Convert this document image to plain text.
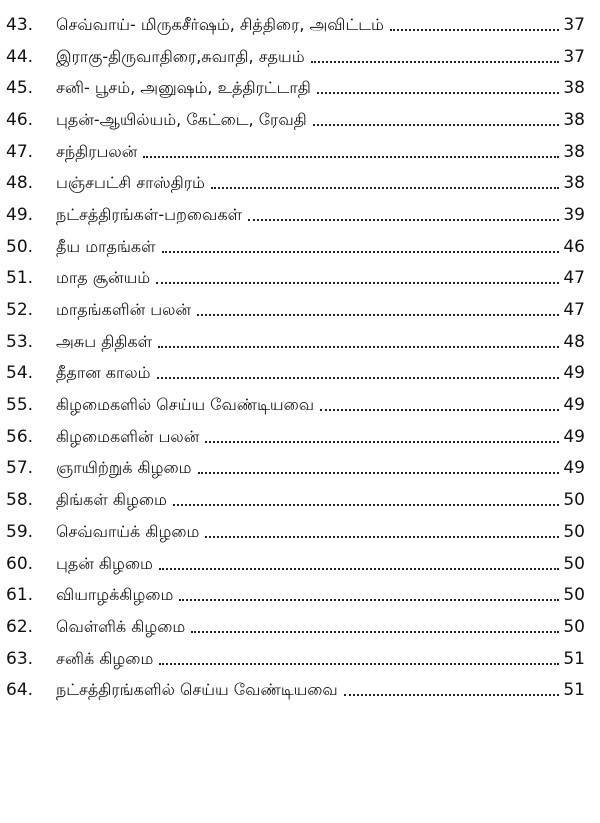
43.	செவ்வாய்- மிருகசீர்ஷம், சித்திரை, அவிட்டம்	37
44.	இராகு-திருவாதிரை,சுவாதி, சதயம்	37
45.	சனி- பூசம், அனுஷம், உத்திரட்டாதி	38
46.	புதன்-ஆயில்யம், கேட்டை, ரேவதி	38
47.	சந்திரபலன்	38
48.	பஞ்சபட்சி சாஸ்திரம்	38
49.	நட்சத்திரங்கள்-பறவைகள்	39
50.	தீய மாதங்கள்	46
51.	மாத சூன்யம்	47
52.	மாதங்களின் பலன்	47
53.	அசுப திதிகள்	48
54.	தீதான காலம்	49
55.	கிழமைகளில் செய்ய வேண்டியவை	49
56.	கிழமைகளின் பலன்	49
57.	ஞாயிற்றுக் கிழமை	49
58.	திங்கள் கிழமை	50
59.	செவ்வாய்க் கிழமை	50
60.	புதன் கிழமை	50
61.	வியாழக்கிழமை	50
62.	வெள்ளிக் கிழமை	50
63.	சனிக் கிழமை	51
64.	நட்சத்திரங்களில் செய்ய வேண்டியவை	51
